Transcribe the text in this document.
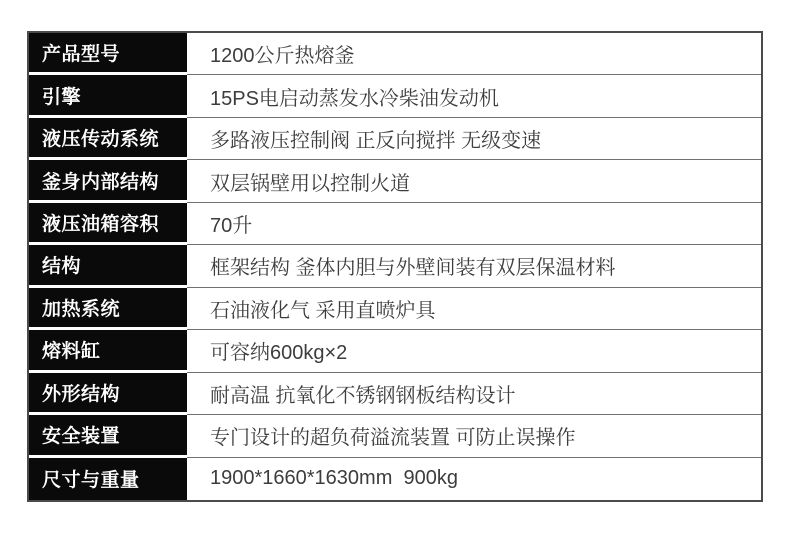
产品型号	1200公斤热熔釜
引擎	15PS电启动蒸发水冷柴油发动机
液压传动系统	多路液压控制阀 正反向搅拌 无级变速
釜身内部结构	双层锅壁用以控制火道
液压油箱容积	70升
结构	框架结构 釜体内胆与外壁间装有双层保温材料
加热系统	石油液化气 采用直喷炉具
熔料缸	可容纳600kg×2
外形结构	耐高温 抗氧化不锈钢钢板结构设计
安全装置	专门设计的超负荷溢流装置 可防止误操作
尺寸与重量	1900*1660*1630mm  900kg
